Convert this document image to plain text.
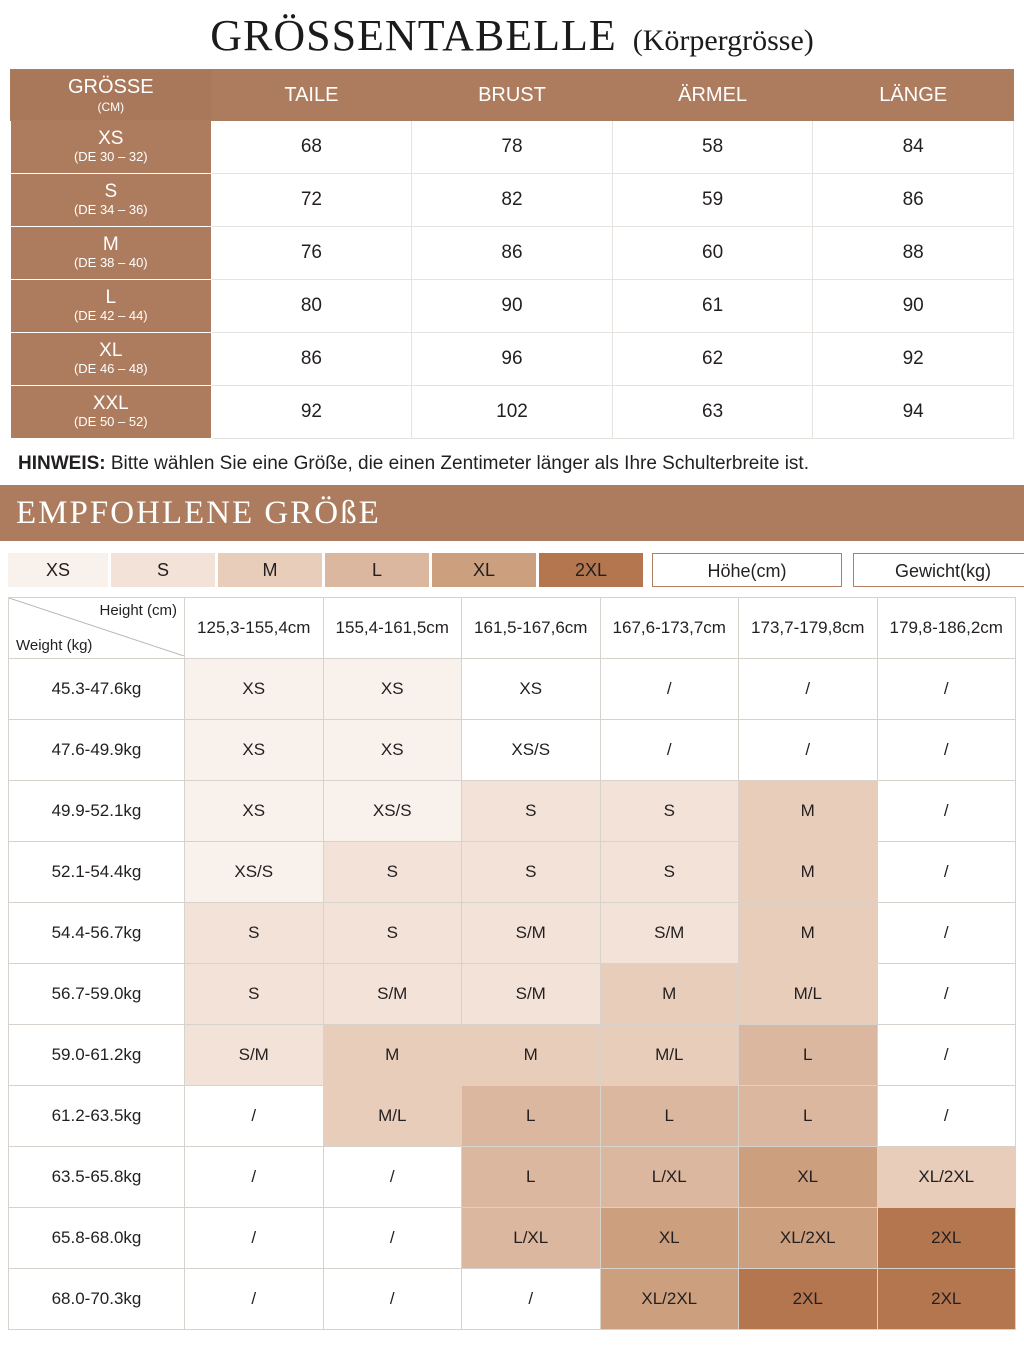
GRÖSSENTABELLE (Körpergrösse)
GRÖSSE
(CM)	TAILE	BRUST	ÄRMEL	LÄNGE
XS
(DE 30 – 32)	68	78	58	84
S
(DE 34 – 36)	72	82	59	86
M
(DE 38 – 40)	76	86	60	88
L
(DE 42 – 44)	80	90	61	90
XL
(DE 46 – 48)	86	96	62	92
XXL
(DE 50 – 52)	92	102	63	94
HINWEIS: Bitte wählen Sie eine Größe, die einen Zentimeter länger als Ihre Schulterbreite ist.
EMPFOHLENE GRÖßE
XS	S	M	L	XL	2XL	Höhe(cm)	Gewicht(kg)
Height (cm)
Weight (kg)	125,3-155,4cm	155,4-161,5cm	161,5-167,6cm	167,6-173,7cm	173,7-179,8cm	179,8-186,2cm
45.3-47.6kg	XS	XS	XS	/	/	/
47.6-49.9kg	XS	XS	XS/S	/	/	/
49.9-52.1kg	XS	XS/S	S	S	M	/
52.1-54.4kg	XS/S	S	S	S	M	/
54.4-56.7kg	S	S	S/M	S/M	M	/
56.7-59.0kg	S	S/M	S/M	M	M/L	/
59.0-61.2kg	S/M	M	M	M/L	L	/
61.2-63.5kg	/	M/L	L	L	L	/
63.5-65.8kg	/	/	L	L/XL	XL	XL/2XL
65.8-68.0kg	/	/	L/XL	XL	XL/2XL	2XL
68.0-70.3kg	/	/	/	XL/2XL	2XL	2XL
